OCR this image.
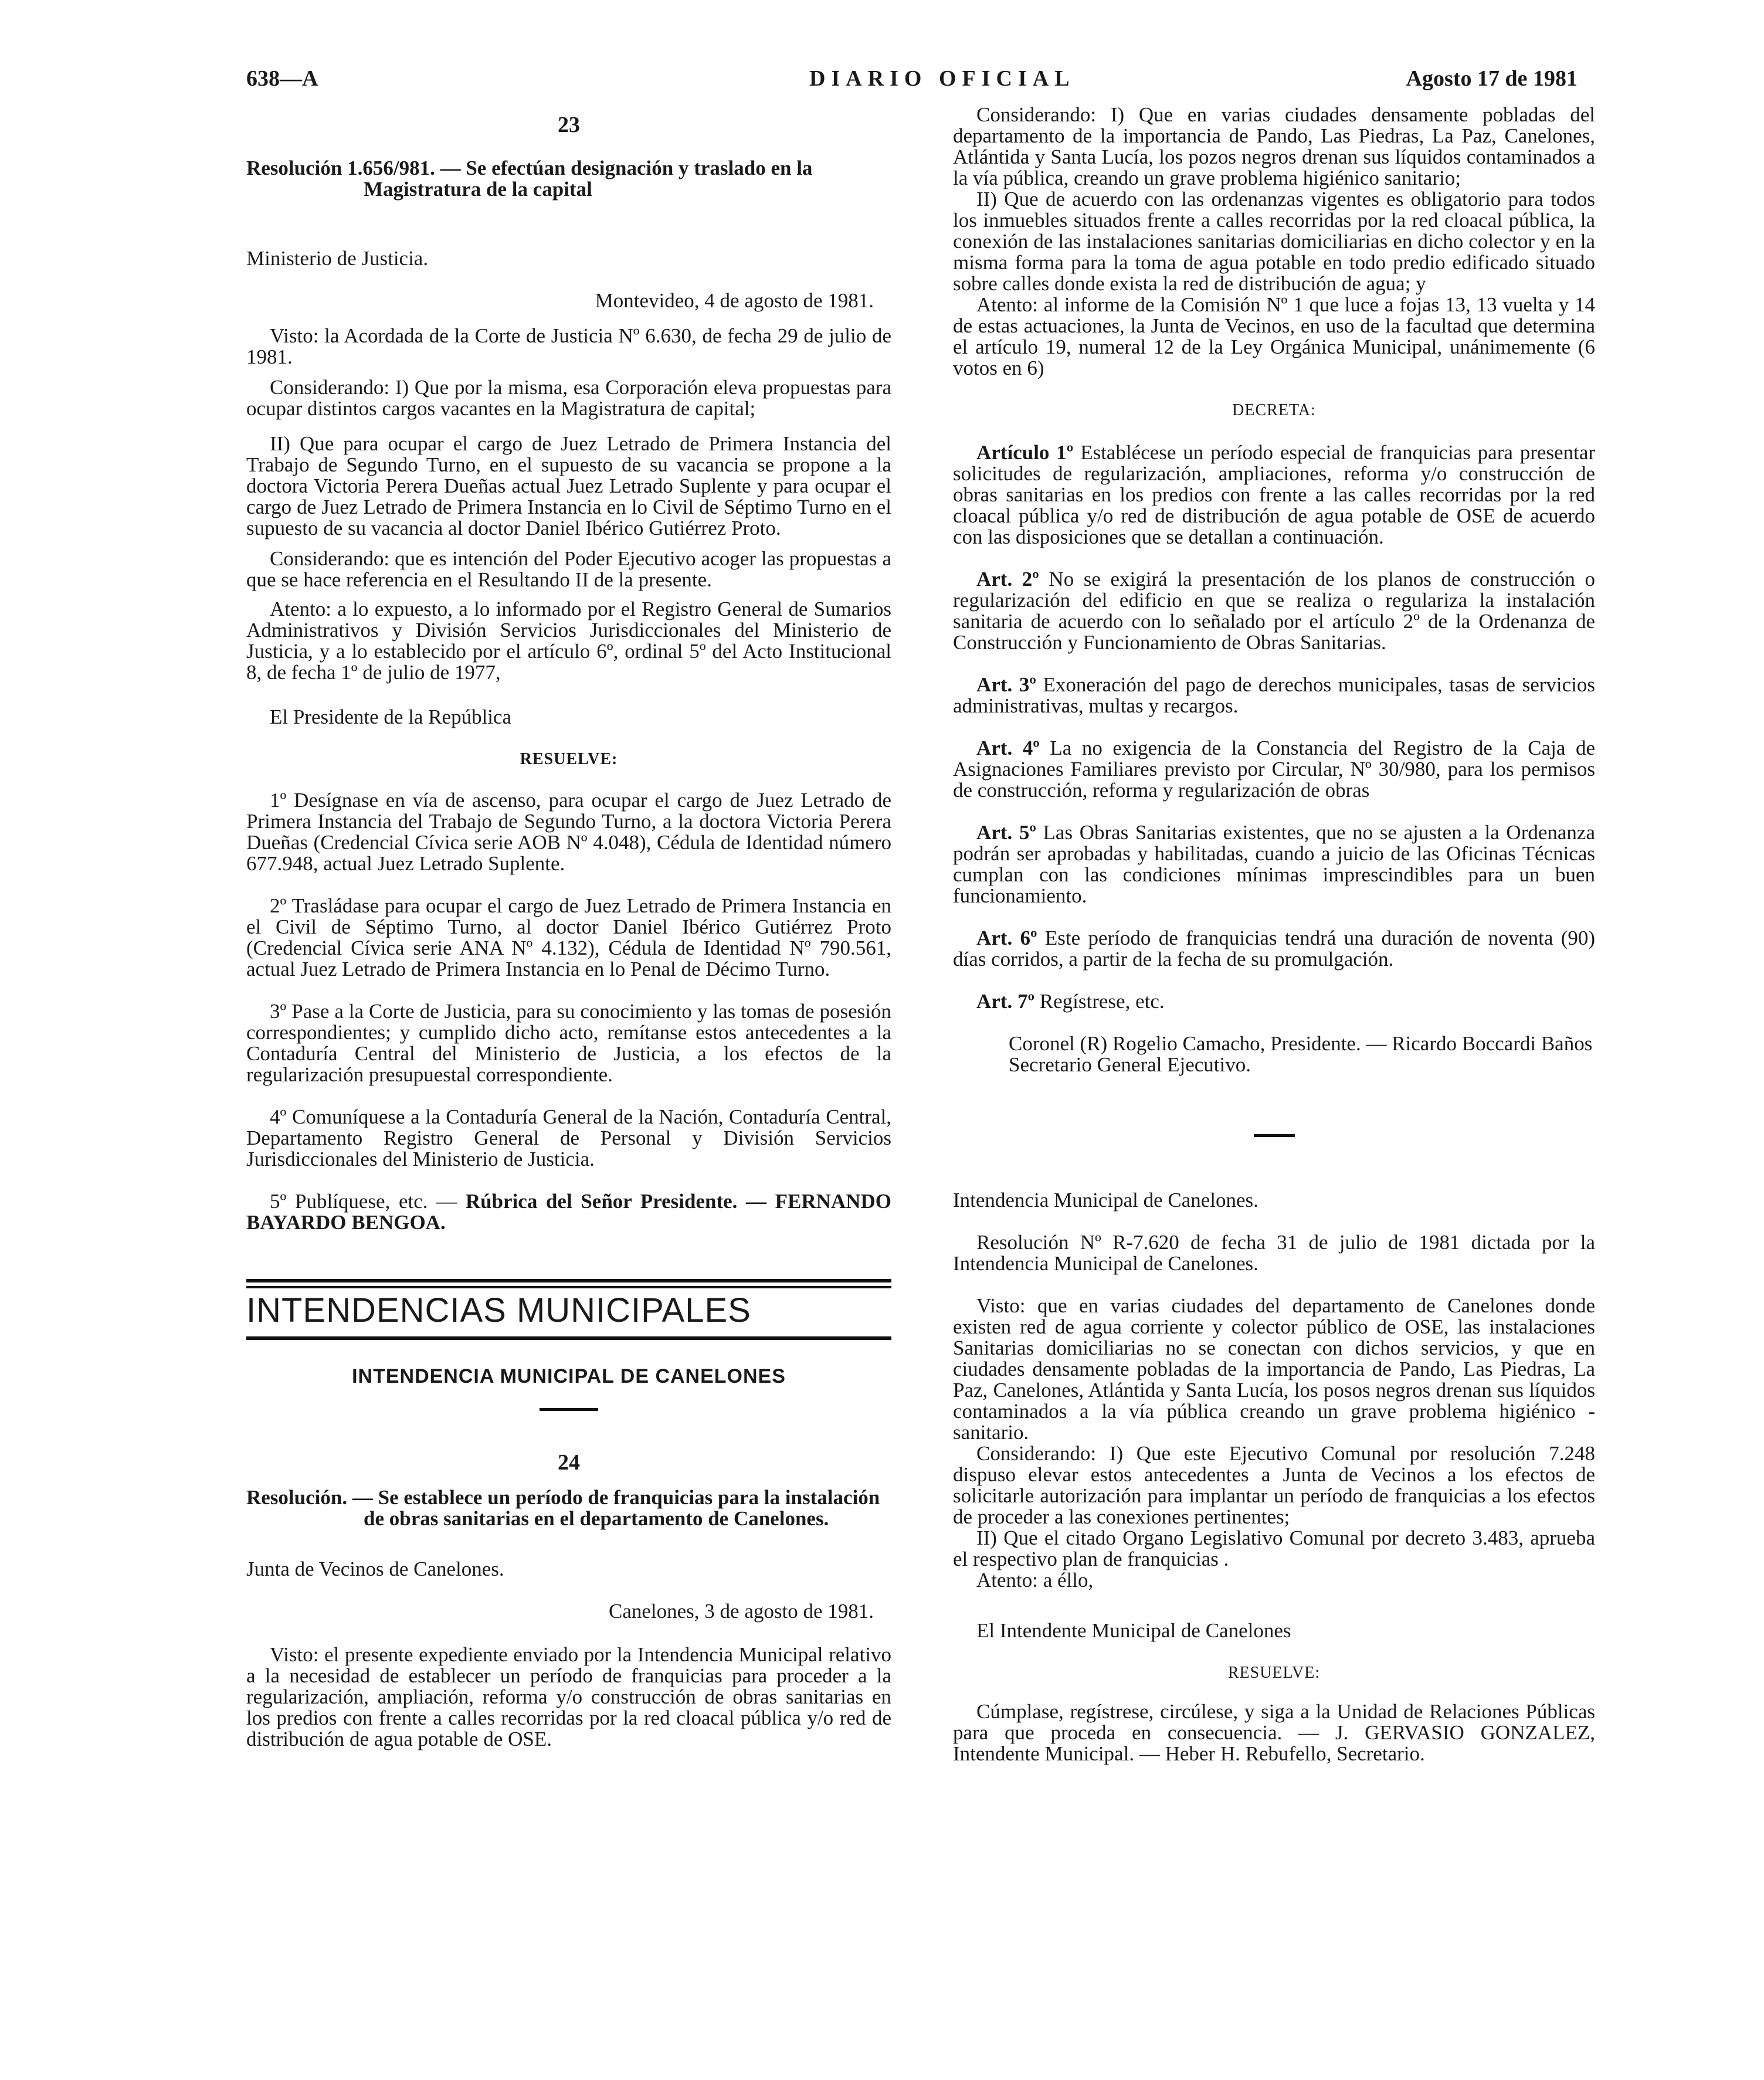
638—A	DIARIO OFICIAL	Agosto 17 de 1981

23

Resolución 1.656/981. — Se efectúan designación y traslado en la Magistratura de la capital

Ministerio de Justicia.

Montevideo, 4 de agosto de 1981.

Visto: la Acordada de la Corte de Justicia Nº 6.630, de fecha 29 de julio de 1981.

Considerando: I) Que por la misma, esa Corporación eleva propuestas para ocupar distintos cargos vacantes en la Magistratura de capital;

II) Que para ocupar el cargo de Juez Letrado de Primera Instancia del Trabajo de Segundo Turno, en el supuesto de su vacancia se propone a la doctora Victoria Perera Dueñas actual Juez Letrado Suplente y para ocupar el cargo de Juez Letrado de Primera Instancia en lo Civil de Séptimo Turno en el supuesto de su vacancia al doctor Daniel Ibérico Gutiérrez Proto.

Considerando: que es intención del Poder Ejecutivo acoger las propuestas a que se hace referencia en el Resultando II de la presente.

Atento: a lo expuesto, a lo informado por el Registro General de Sumarios Administrativos y División Servicios Jurisdiccionales del Ministerio de Justicia, y a lo establecido por el artículo 6º, ordinal 5º del Acto Institucional 8, de fecha 1º de julio de 1977,

El Presidente de la República

RESUELVE:

1º Desígnase en vía de ascenso, para ocupar el cargo de Juez Letrado de Primera Instancia del Trabajo de Segundo Turno, a la doctora Victoria Perera Dueñas (Credencial Cívica serie AOB Nº 4.048), Cédula de Identidad número 677.948, actual Juez Letrado Suplente.

2º Trasládase para ocupar el cargo de Juez Letrado de Primera Instancia en el Civil de Séptimo Turno, al doctor Daniel Ibérico Gutiérrez Proto (Credencial Cívica serie ANA Nº 4.132), Cédula de Identidad Nº 790.561, actual Juez Letrado de Primera Instancia en lo Penal de Décimo Turno.

3º Pase a la Corte de Justicia, para su conocimiento y las tomas de posesión correspondientes; y cumplido dicho acto, remítanse estos antecedentes a la Contaduría Central del Ministerio de Justicia, a los efectos de la regularización presupuestal correspondiente.

4º Comuníquese a la Contaduría General de la Nación, Contaduría Central, Departamento Registro General de Personal y División Servicios Jurisdiccionales del Ministerio de Justicia.

5º Publíquese, etc. — Rúbrica del Señor Presidente. — FERNANDO BAYARDO BENGOA.

INTENDENCIAS MUNICIPALES

INTENDENCIA MUNICIPAL DE CANELONES

24

Resolución. — Se establece un período de franquicias para la instalación de obras sanitarias en el departamento de Canelones.

Junta de Vecinos de Canelones.

Canelones, 3 de agosto de 1981.

Visto: el presente expediente enviado por la Intendencia Municipal relativo a la necesidad de establecer un período de franquicias para proceder a la regularización, ampliación, reforma y/o construcción de obras sanitarias en los predios con frente a calles recorridas por la red cloacal pública y/o red de distribución de agua potable de OSE.

Considerando: I) Que en varias ciudades densamente pobladas del departamento de la importancia de Pando, Las Piedras, La Paz, Canelones, Atlántida y Santa Lucía, los pozos negros drenan sus líquidos contaminados a la vía pública, creando un grave problema higiénico sanitario;

II) Que de acuerdo con las ordenanzas vigentes es obligatorio para todos los inmuebles situados frente a calles recorridas por la red cloacal pública, la conexión de las instalaciones sanitarias domiciliarias en dicho colector y en la misma forma para la toma de agua potable en todo predio edificado situado sobre calles donde exista la red de distribución de agua; y

Atento: al informe de la Comisión Nº 1 que luce a fojas 13, 13 vuelta y 14 de estas actuaciones, la Junta de Vecinos, en uso de la facultad que determina el artículo 19, numeral 12 de la Ley Orgánica Municipal, unánimemente (6 votos en 6)

DECRETA:

Artículo 1º Establécese un período especial de franquicias para presentar solicitudes de regularización, ampliaciones, reforma y/o construcción de obras sanitarias en los predios con frente a las calles recorridas por la red cloacal pública y/o red de distribución de agua potable de OSE de acuerdo con las disposiciones que se detallan a continuación.

Art. 2º No se exigirá la presentación de los planos de construcción o regularización del edificio en que se realiza o regulariza la instalación sanitaria de acuerdo con lo señalado por el artículo 2º de la Ordenanza de Construcción y Funcionamiento de Obras Sanitarias.

Art. 3º Exoneración del pago de derechos municipales, tasas de servicios administrativas, multas y recargos.

Art. 4º La no exigencia de la Constancia del Registro de la Caja de Asignaciones Familiares previsto por Circular, Nº 30/980, para los permisos de construcción, reforma y regularización de obras

Art. 5º Las Obras Sanitarias existentes, que no se ajusten a la Ordenanza podrán ser aprobadas y habilitadas, cuando a juicio de las Oficinas Técnicas cumplan con las condiciones mínimas imprescindibles para un buen funcionamiento.

Art. 6º Este período de franquicias tendrá una duración de noventa (90) días corridos, a partir de la fecha de su promulgación.

Art. 7º Regístrese, etc.

Coronel (R) Rogelio Camacho, Presidente. — Ricardo Boccardi Baños Secretario General Ejecutivo.

Intendencia Municipal de Canelones.

Resolución Nº R-7.620 de fecha 31 de julio de 1981 dictada por la Intendencia Municipal de Canelones.

Visto: que en varias ciudades del departamento de Canelones donde existen red de agua corriente y colector público de OSE, las instalaciones Sanitarias domiciliarias no se conectan con dichos servicios, y que en ciudades densamente pobladas de la importancia de Pando, Las Piedras, La Paz, Canelones, Atlántida y Santa Lucía, los posos negros drenan sus líquidos contaminados a la vía pública creando un grave problema higiénico - sanitario.

Considerando: I) Que este Ejecutivo Comunal por resolución 7.248 dispuso elevar estos antecedentes a Junta de Vecinos a los efectos de solicitarle autorización para implantar un período de franquicias a los efectos de proceder a las conexiones pertinentes;

II) Que el citado Organo Legislativo Comunal por decreto 3.483, aprueba el respectivo plan de franquicias .

Atento: a éllo,

El Intendente Municipal de Canelones

RESUELVE:

Cúmplase, regístrese, circúlese, y siga a la Unidad de Relaciones Públicas para que proceda en consecuencia. — J. GERVASIO GONZALEZ, Intendente Municipal. — Heber H. Rebufello, Secretario.
